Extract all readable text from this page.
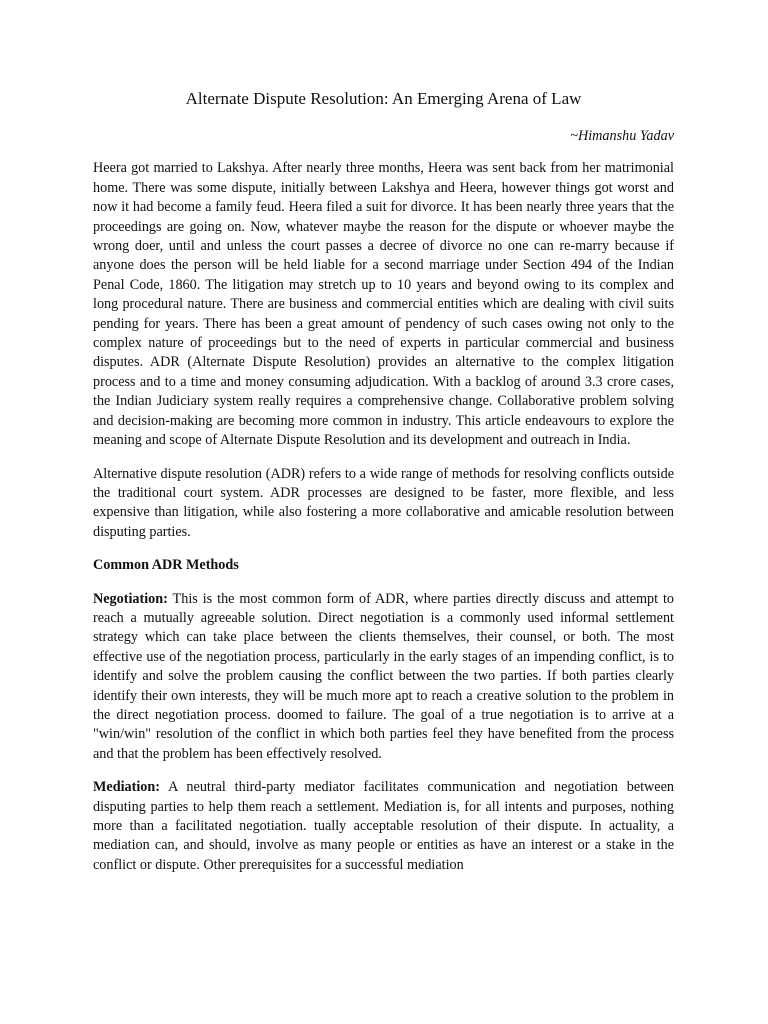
Alternate Dispute Resolution: An Emerging Arena of Law
~Himanshu Yadav

Heera got married to Lakshya. After nearly three months, Heera was sent back from her matrimonial home. There was some dispute, initially between Lakshya and Heera, however things got worst and now it had become a family feud. Heera filed a suit for divorce. It has been nearly three years that the proceedings are going on. Now, whatever maybe the reason for the dispute or whoever maybe the wrong doer, until and unless the court passes a decree of divorce no one can re-marry because if anyone does the person will be held liable for a second marriage under Section 494 of the Indian Penal Code, 1860. The litigation may stretch up to 10 years and beyond owing to its complex and long procedural nature. There are business and commercial entities which are dealing with civil suits pending for years. There has been a great amount of pendency of such cases owing not only to the complex nature of proceedings but to the need of experts in particular commercial and business disputes. ADR (Alternate Dispute Resolution) provides an alternative to the complex litigation process and to a time and money consuming adjudication. With a backlog of around 3.3 crore cases, the Indian Judiciary system really requires a comprehensive change. Collaborative problem solving and decision-making are becoming more common in industry. This article endeavours to explore the meaning and scope of Alternate Dispute Resolution and its development and outreach in India.

Alternative dispute resolution (ADR) refers to a wide range of methods for resolving conflicts outside the traditional court system. ADR processes are designed to be faster, more flexible, and less expensive than litigation, while also fostering a more collaborative and amicable resolution between disputing parties.

Common ADR Methods

Negotiation: This is the most common form of ADR, where parties directly discuss and attempt to reach a mutually agreeable solution. Direct negotiation is a commonly used informal settlement strategy which can take place between the clients themselves, their counsel, or both. The most effective use of the negotiation process, particularly in the early stages of an impending conflict, is to identify and solve the problem causing the conflict between the two parties. If both parties clearly identify their own interests, they will be much more apt to reach a creative solution to the problem in the direct negotiation process. doomed to failure. The goal of a true negotiation is to arrive at a "win/win" resolution of the conflict in which both parties feel they have benefited from the process and that the problem has been effectively resolved.

Mediation: A neutral third-party mediator facilitates communication and negotiation between disputing parties to help them reach a settlement. Mediation is, for all intents and purposes, nothing more than a facilitated negotiation. tually acceptable resolution of their dispute. In actuality, a mediation can, and should, involve as many people or entities as have an interest or a stake in the conflict or dispute. Other prerequisites for a successful mediation
